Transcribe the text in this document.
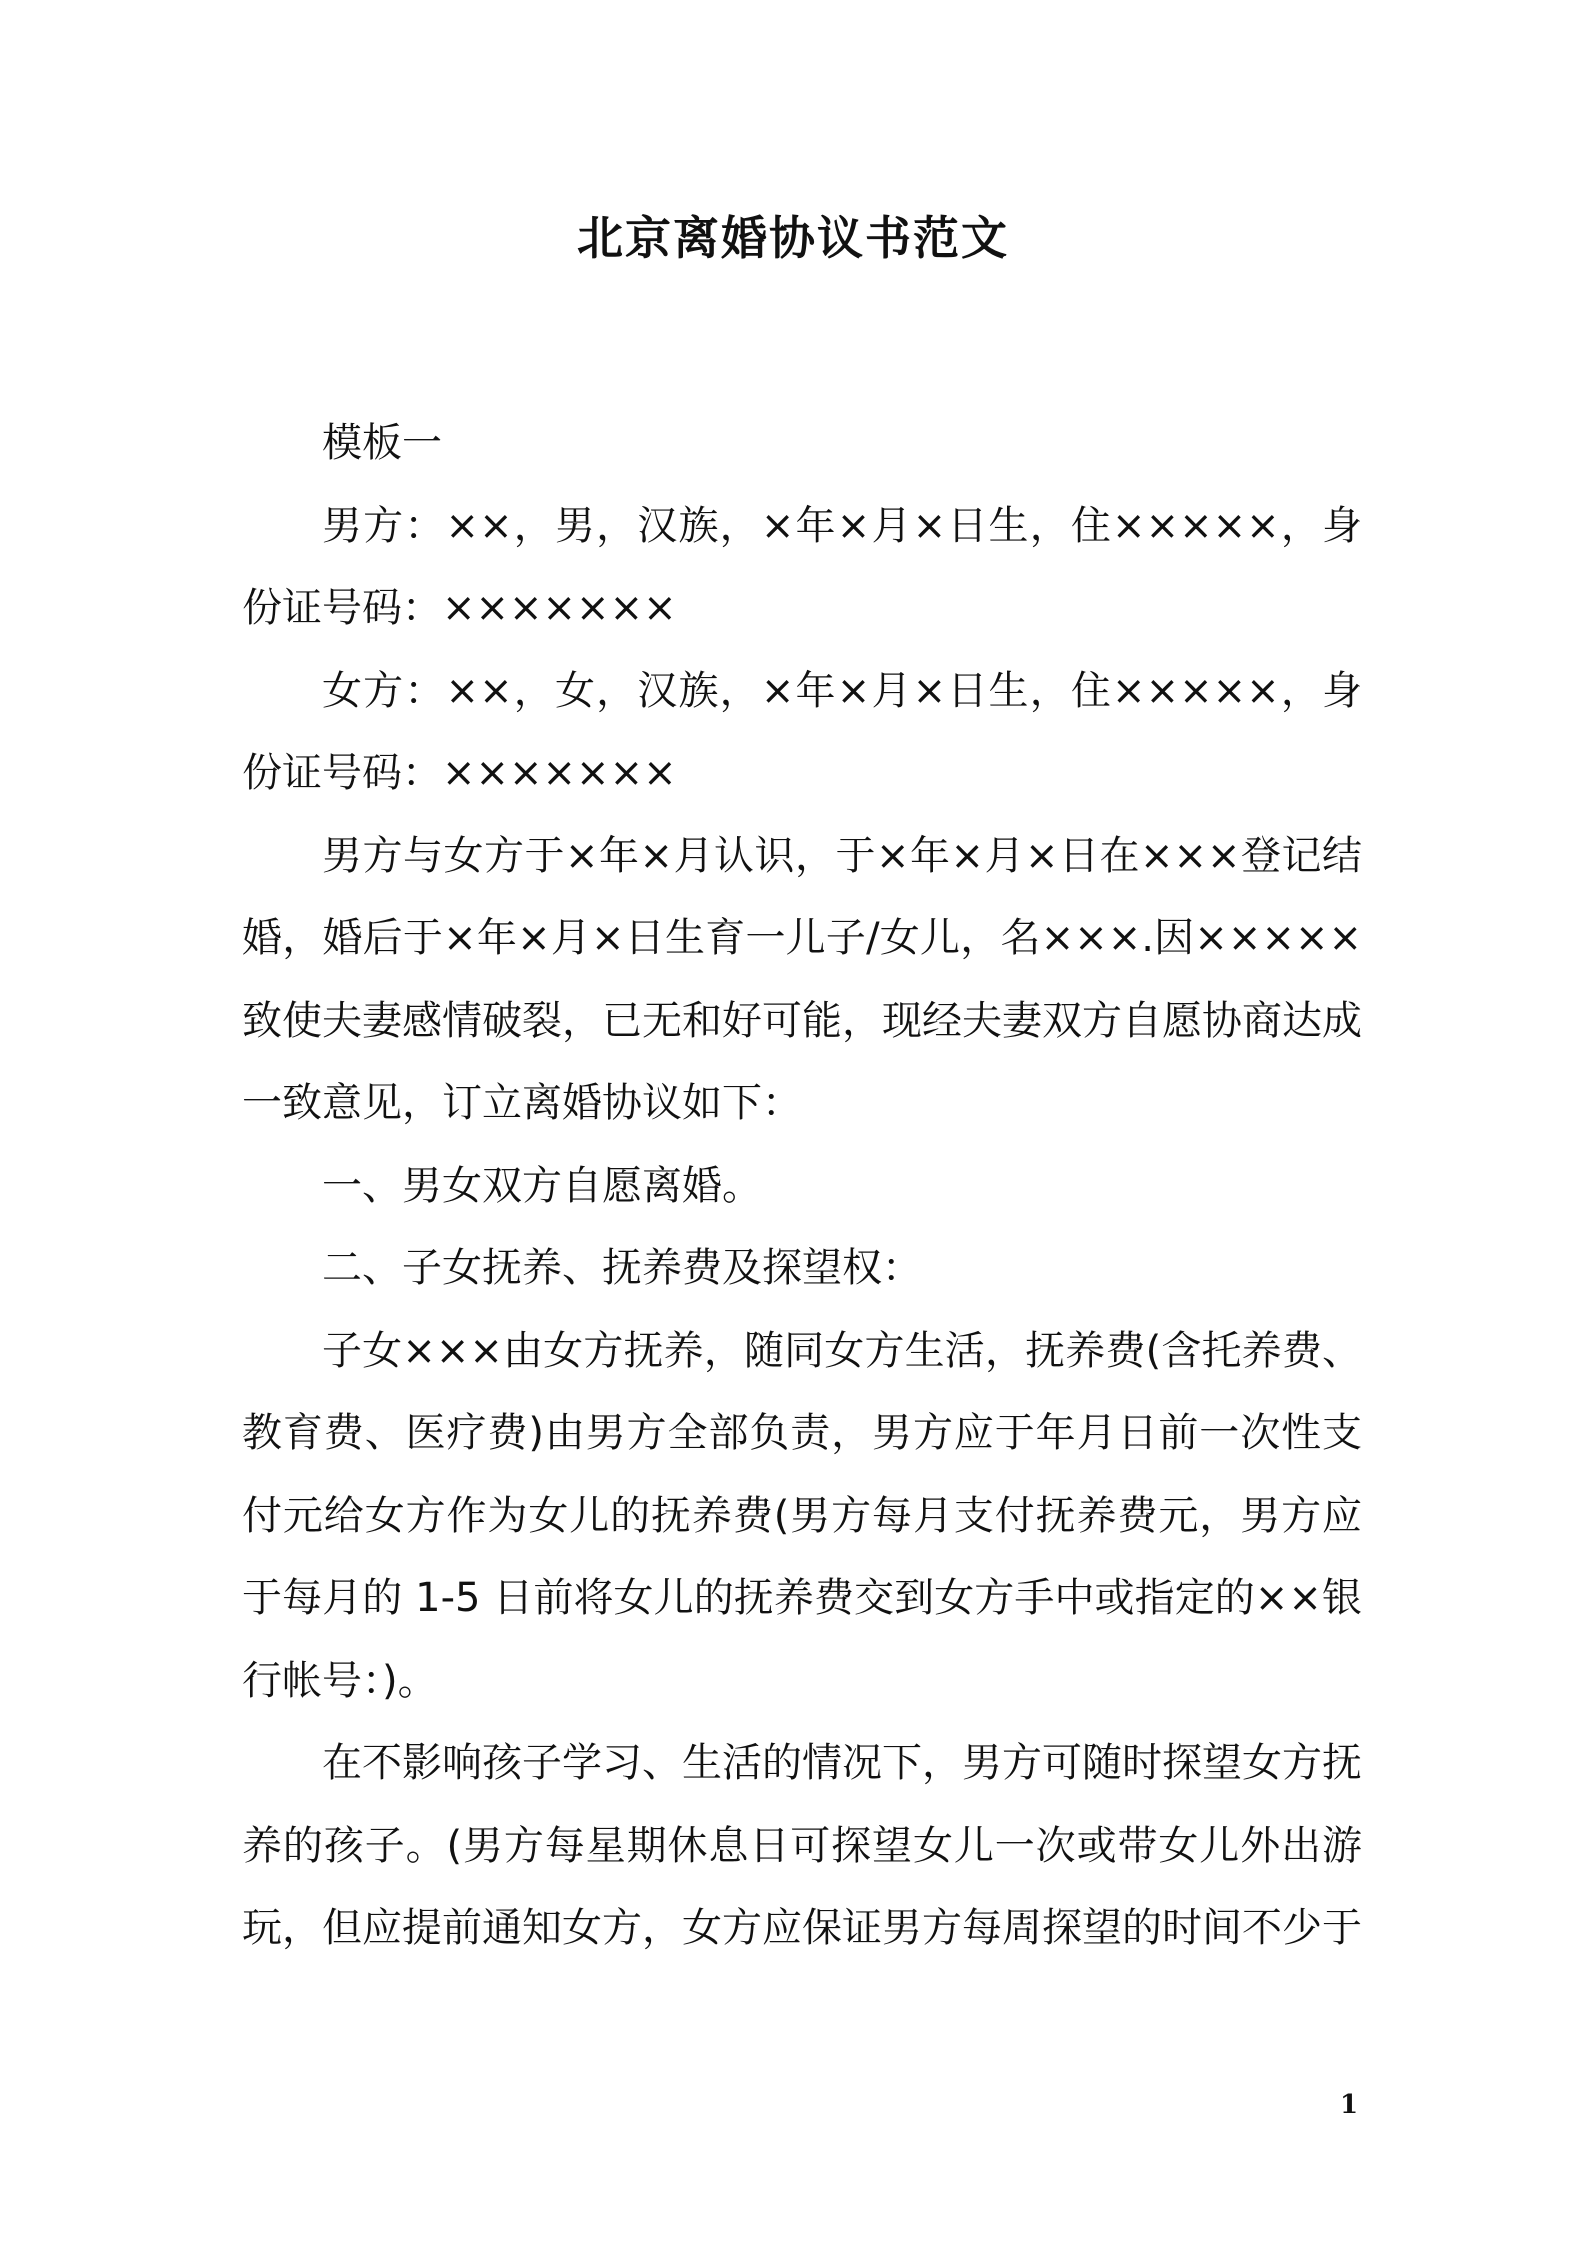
北京离婚协议书范文

模板一

男方：××，男，汉族，×年×月×日生，住×××××，身份证号码：×××××××

女方：××，女，汉族，×年×月×日生，住×××××，身份证号码：×××××××

男方与女方于×年×月认识，于×年×月×日在×××登记结婚，婚后于×年×月×日生育一儿子/女儿，名×××.因×××××致使夫妻感情破裂，已无和好可能，现经夫妻双方自愿协商达成一致意见，订立离婚协议如下：

一、男女双方自愿离婚。

二、子女抚养、抚养费及探望权：

子女×××由女方抚养，随同女方生活，抚养费(含托养费、教育费、医疗费)由男方全部负责，男方应于年月日前一次性支付元给女方作为女儿的抚养费(男方每月支付抚养费元，男方应于每月的 1-5 日前将女儿的抚养费交到女方手中或指定的××银行帐号：)。

在不影响孩子学习、生活的情况下，男方可随时探望女方抚养的孩子。(男方每星期休息日可探望女儿一次或带女儿外出游玩，但应提前通知女方，女方应保证男方每周探望的时间不少于

1
